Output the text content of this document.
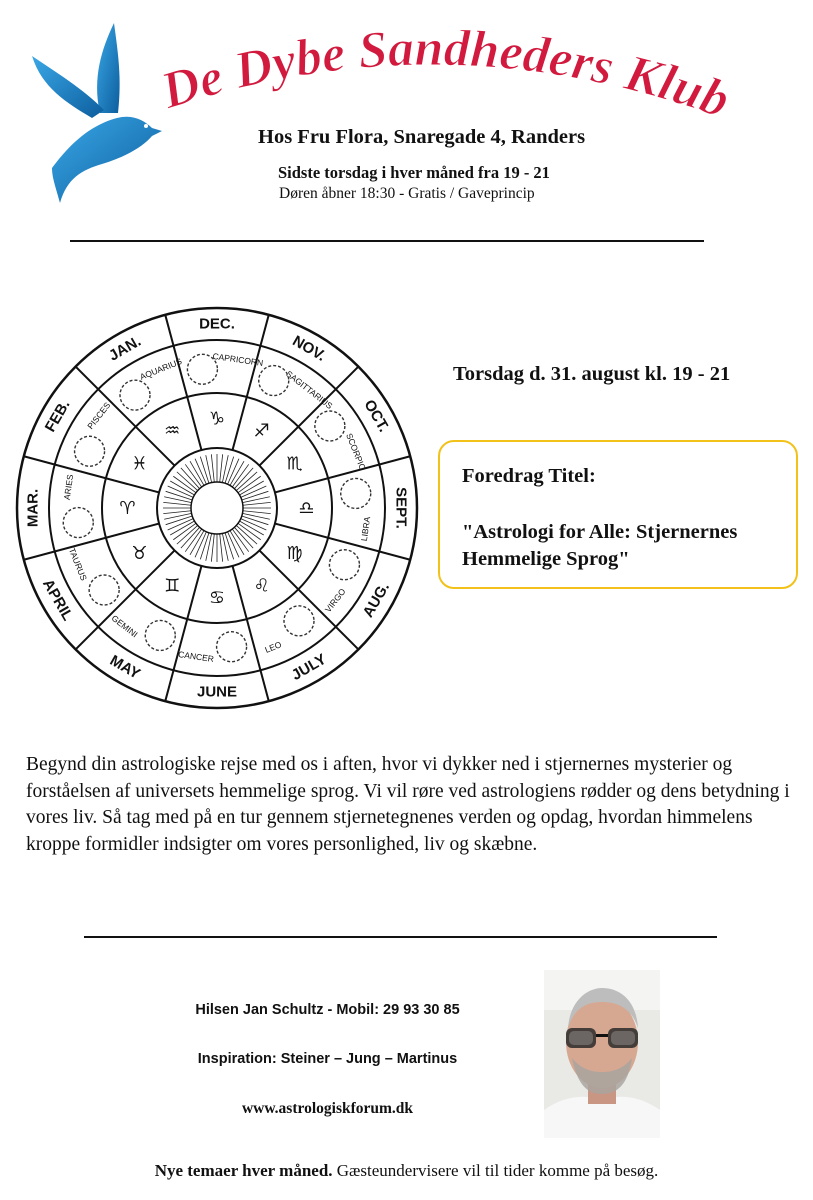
De Dybe Sandheders Klub
Hos Fru Flora, Snaregade 4, Randers
Sidste torsdag i hver måned fra 19 - 21
Døren åbner 18:30 - Gratis / Gaveprincip
JAN.
AQUARIUS
♒
DEC.
CAPRICORN
♑
NOV.
SAGITTARIUS
♐	OCT.
SCORPIO
♏
SEPT.
LIBRA
♎
AUG.
VIRGO
♍
JULY
LEO
♌
JUNE
CANCER
♋
MAY
GEMINI
♊
APRIL
TAURUS ♉
MAR.
ARIES
♈
FEB. PISCES
♓
Torsdag d. 31. august kl. 19 - 21
Foredrag Titel:
"Astrologi for Alle: Stjernernes Hemmelige Sprog"
Begynd din astrologiske rejse med os i aften, hvor vi dykker ned i stjernernes mysterier og forståelsen af universets hemmelige sprog. Vi vil røre ved astrologiens rødder og dens betydning i vores liv. Så tag med på en tur gennem stjernetegnenes verden og opdag, hvordan himmelens kroppe formidler indsigter om vores personlighed, liv og skæbne.
Hilsen Jan Schultz - Mobil: 29 93 30 85
Inspiration: Steiner – Jung – Martinus
www.astrologiskforum.dk
Nye temaer hver måned. Gæsteundervisere vil til tider komme på besøg.
